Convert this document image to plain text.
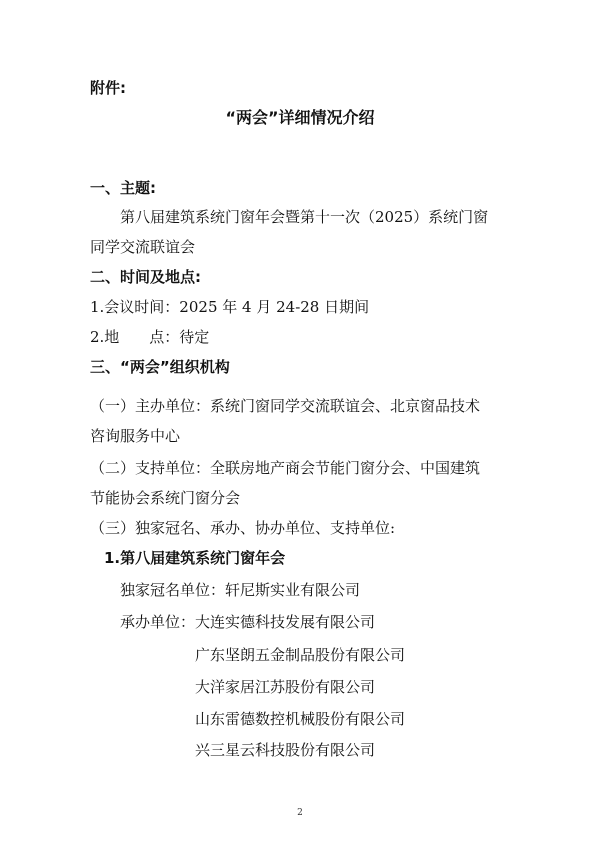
附件:
“两会”详细情况介绍
一、主题:
第八届建筑系统门窗年会暨第十一次（2025）系统门窗
同学交流联谊会
二、时间及地点:
1.会议时间：2025 年 4 月 24-28 日期间
2.地　　点：待定
三、“两会”组织机构
（一）主办单位：系统门窗同学交流联谊会、北京窗品技术
咨询服务中心
（二）支持单位：全联房地产商会节能门窗分会、中国建筑
节能协会系统门窗分会
（三）独家冠名、承办、协办单位、支持单位:
1.第八届建筑系统门窗年会
独家冠名单位：轩尼斯实业有限公司
承办单位： 大连实德科技发展有限公司
广东坚朗五金制品股份有限公司
大洋家居江苏股份有限公司
山东雷德数控机械股份有限公司
兴三星云科技股份有限公司
2
